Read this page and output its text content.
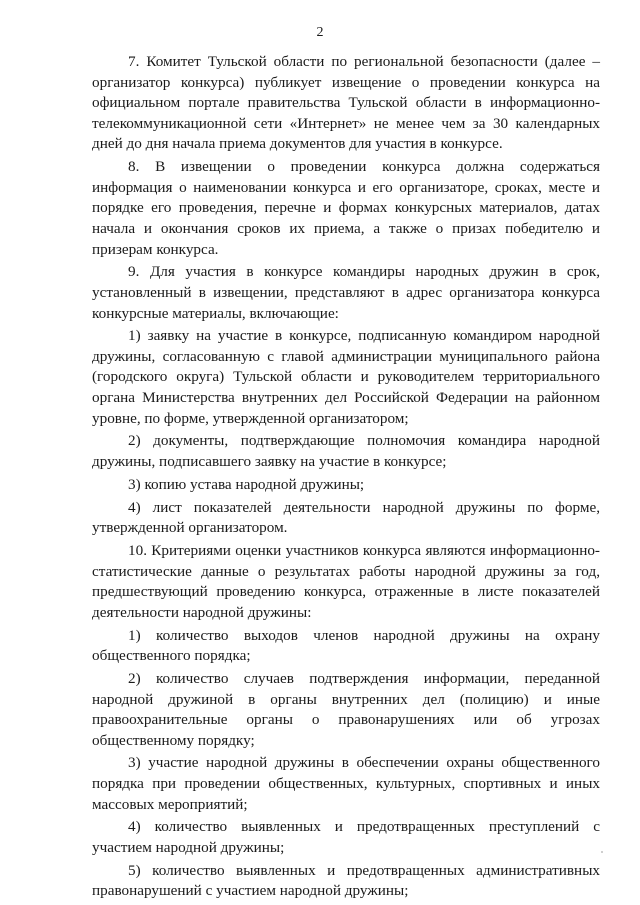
2

7. Комитет Тульской области по региональной безопасности (далее – организатор конкурса) публикует извещение о проведении конкурса на официальном портале правительства Тульской области в информационно-телекоммуникационной сети «Интернет» не менее чем за 30 календарных дней до дня начала приема документов для участия в конкурсе.

8. В извещении о проведении конкурса должна содержаться информация о наименовании конкурса и его организаторе, сроках, месте и порядке его проведения, перечне и формах конкурсных материалов, датах начала и окончания сроков их приема, а также о призах победителю и призерам конкурса.

9. Для участия в конкурсе командиры народных дружин в срок, установленный в извещении, представляют в адрес организатора конкурса конкурсные материалы, включающие:

1) заявку на участие в конкурсе, подписанную командиром народной дружины, согласованную с главой администрации муниципального района (городского округа) Тульской области и руководителем территориального органа Министерства внутренних дел Российской Федерации на районном уровне, по форме, утвержденной организатором;

2) документы, подтверждающие полномочия командира народной дружины, подписавшего заявку на участие в конкурсе;

3) копию устава народной дружины;

4) лист показателей деятельности народной дружины по форме, утвержденной организатором.

10. Критериями оценки участников конкурса являются информационно-статистические данные о результатах работы народной дружины за год, предшествующий проведению конкурса, отраженные в листе показателей деятельности народной дружины:

1) количество выходов членов народной дружины на охрану общественного порядка;

2) количество случаев подтверждения информации, переданной народной дружиной в органы внутренних дел (полицию) и иные правоохранительные органы о правонарушениях или об угрозах общественному порядку;

3) участие народной дружины в обеспечении охраны общественного порядка при проведении общественных, культурных, спортивных и иных массовых мероприятий;

4) количество выявленных и предотвращенных преступлений с участием народной дружины;

5) количество выявленных и предотвращенных административных правонарушений с участием народной дружины;
